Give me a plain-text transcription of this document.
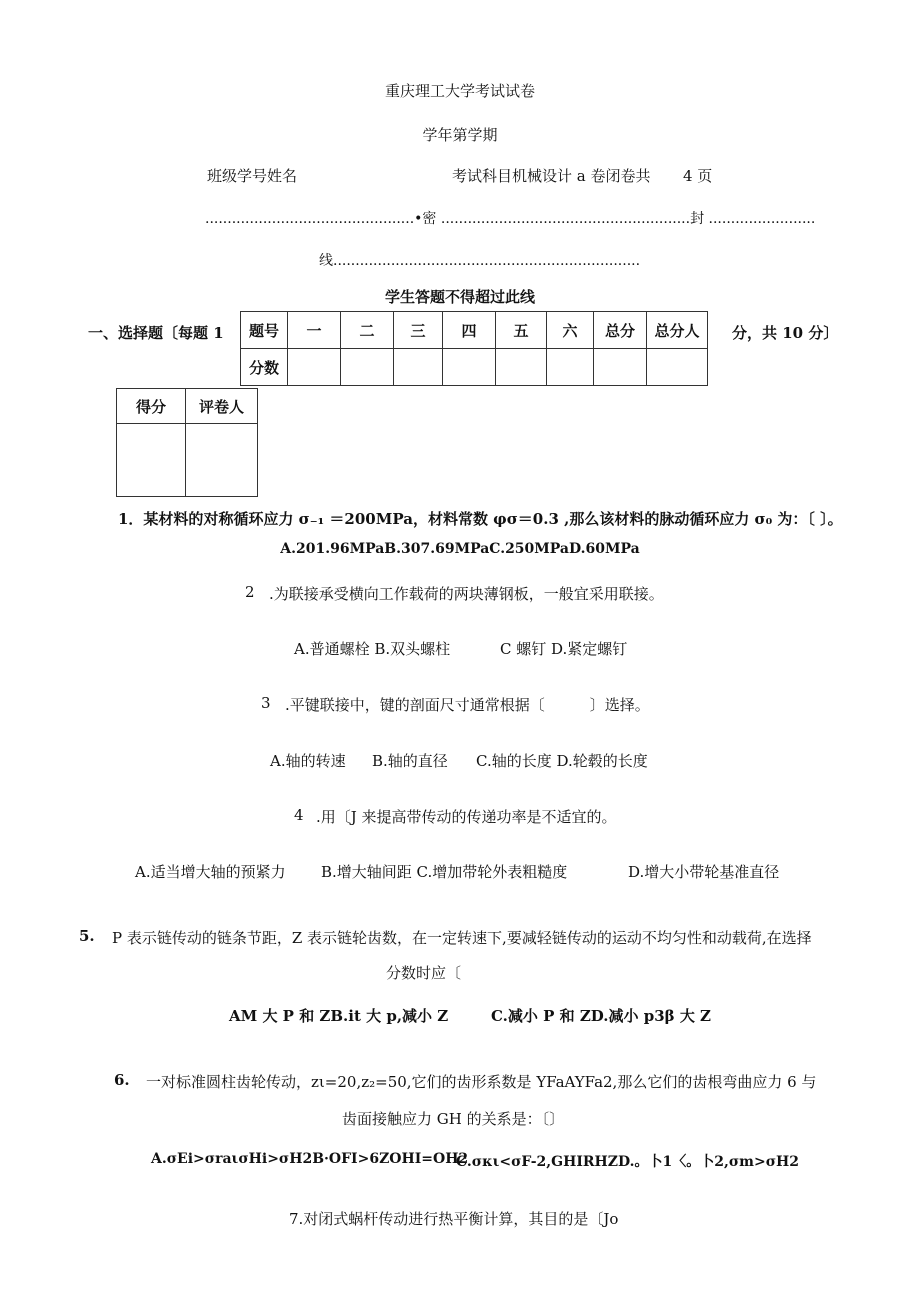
重庆理工大学考试试卷
学年第学期
班级学号姓名	考试科目机械设计 a 卷闭卷共 4 页
...............................................•密 ........................................................封 ........................
线.....................................................................
学生答题不得超过此线
一、选择题〔每题 1	分，共 10 分〕
题号	一	二	三	四	五	六	总分	总分人
分数								
得分	评卷人

1．某材料的对称循环应力 σ₋₁ ＝200MPa，材料常数 φσ＝0.3 ,那么该材料的脉动循环应力 σ₀ 为：〔 〕。
A.201.96MPaB.307.69MPaC.250MPaD.60MPa
2 .为联接承受横向工作载荷的两块薄钢板，一般宜采用联接。
A.普通螺栓 B.双头螺柱	C 螺钉 D.紧定螺钉
3 .平键联接中，键的剖面尺寸通常根据〔　　　〕选择。
A.轴的转速 B.轴的直径 C.轴的长度 D.轮毂的长度
4 .用〔J 来提高带传动的传递功率是不适宜的。
A.适当增大轴的预紧力 B.增大轴间距 C.增加带轮外表粗糙度	D.增大小带轮基准直径
5. P 表示链传动的链条节距，Z 表示链轮齿数，在一定转速下,要减轻链传动的运动不均匀性和动载荷,在选择
分数时应〔
AM 大 P 和 ZB.it 大 p,减小 Z	C.减小 P 和 ZD.减小 p3β 大 Z
6. 一对标准圆柱齿轮传动，zι=20,z₂=50,它们的齿形系数是 YFaAYFa2,那么它们的齿根弯曲应力 6 与
齿面接触应力 GH 的关系是：〔〕
A.σEi>σraισHi>σH2B·OFI>6ZOHI=OH2
C.σκι<σF-2,GHIRHZD.。卜1〈。卜2,σm>σH2
7.对闭式蜗杆传动进行热平衡计算，其目的是〔Jo
